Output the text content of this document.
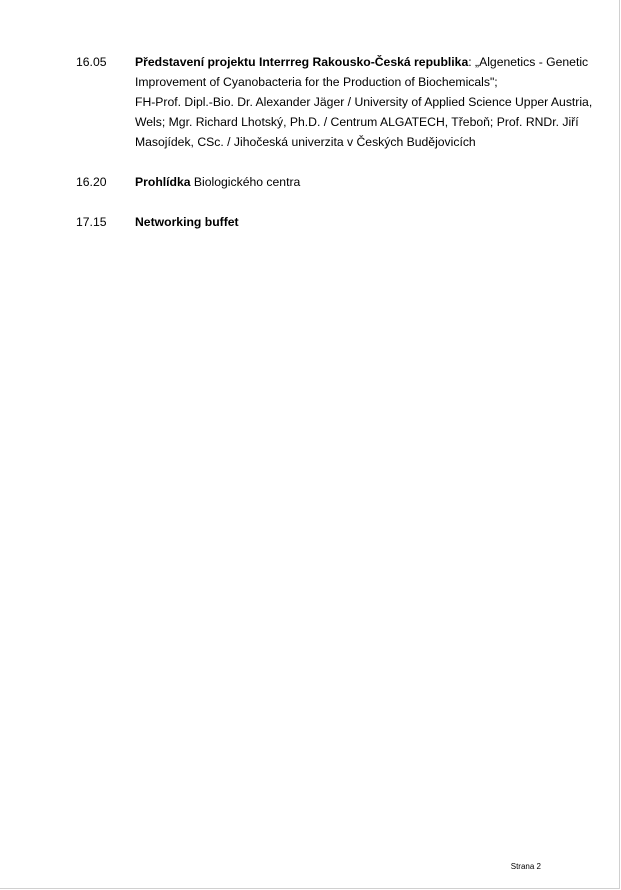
16.05	Představení projektu Interrreg Rakousko-Česká republika: „Algenetics - Genetic
Improvement of Cyanobacteria for the Production of Biochemicals";
FH-Prof. Dipl.-Bio. Dr. Alexander Jäger / University of Applied Science Upper Austria,
Wels; Mgr. Richard Lhotský, Ph.D. / Centrum ALGATECH, Třeboň; Prof. RNDr. Jiří
Masojídek, CSc. / Jihočeská univerzita v Českých Budějovicích
16.20	Prohlídka Biologického centra
17.15	Networking buffet
Strana 2
